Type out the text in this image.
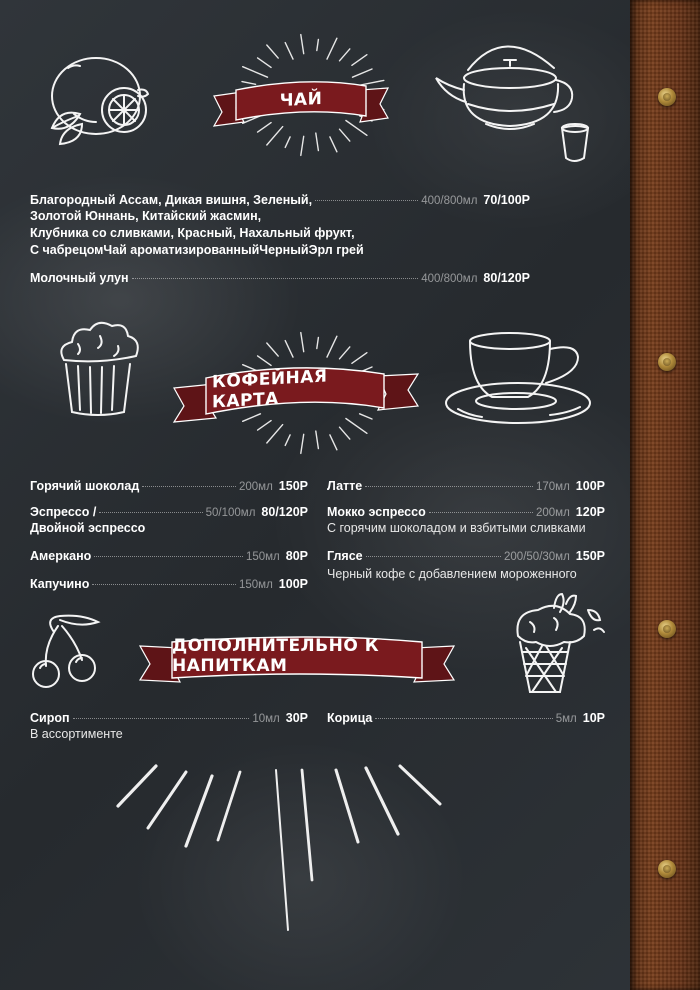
ЧАЙ
Благородный Ассам, Дикая вишня, Зеленый,	400/800мл 70/100Р
Золотой Юннань, Китайский жасмин,
Клубника со сливками, Красный, Нахальный фрукт,
С чабрецомЧай ароматизированныйЧерныйЭрл грей
Молочный улун	400/800мл 80/120Р
КОФЕЙНАЯ КАРТА
Горячий шоколад	200мл 150Р
Эспрессо /	50/100мл 80/120Р
Двойной эспрессо
Амеркано	150мл 80Р
Капучино	150мл 100Р
Латте	170мл 100Р
Мокко эспрессо	200мл 120Р
С горячим шоколадом и взбитыми сливками
Глясе	200/50/30мл 150Р
Черный кофе с добавлением мороженного
ДОПОЛНИТЕЛЬНО К НАПИТКАМ
Сироп	10мл 30Р
В ассортименте
Корица	5мл 10Р
